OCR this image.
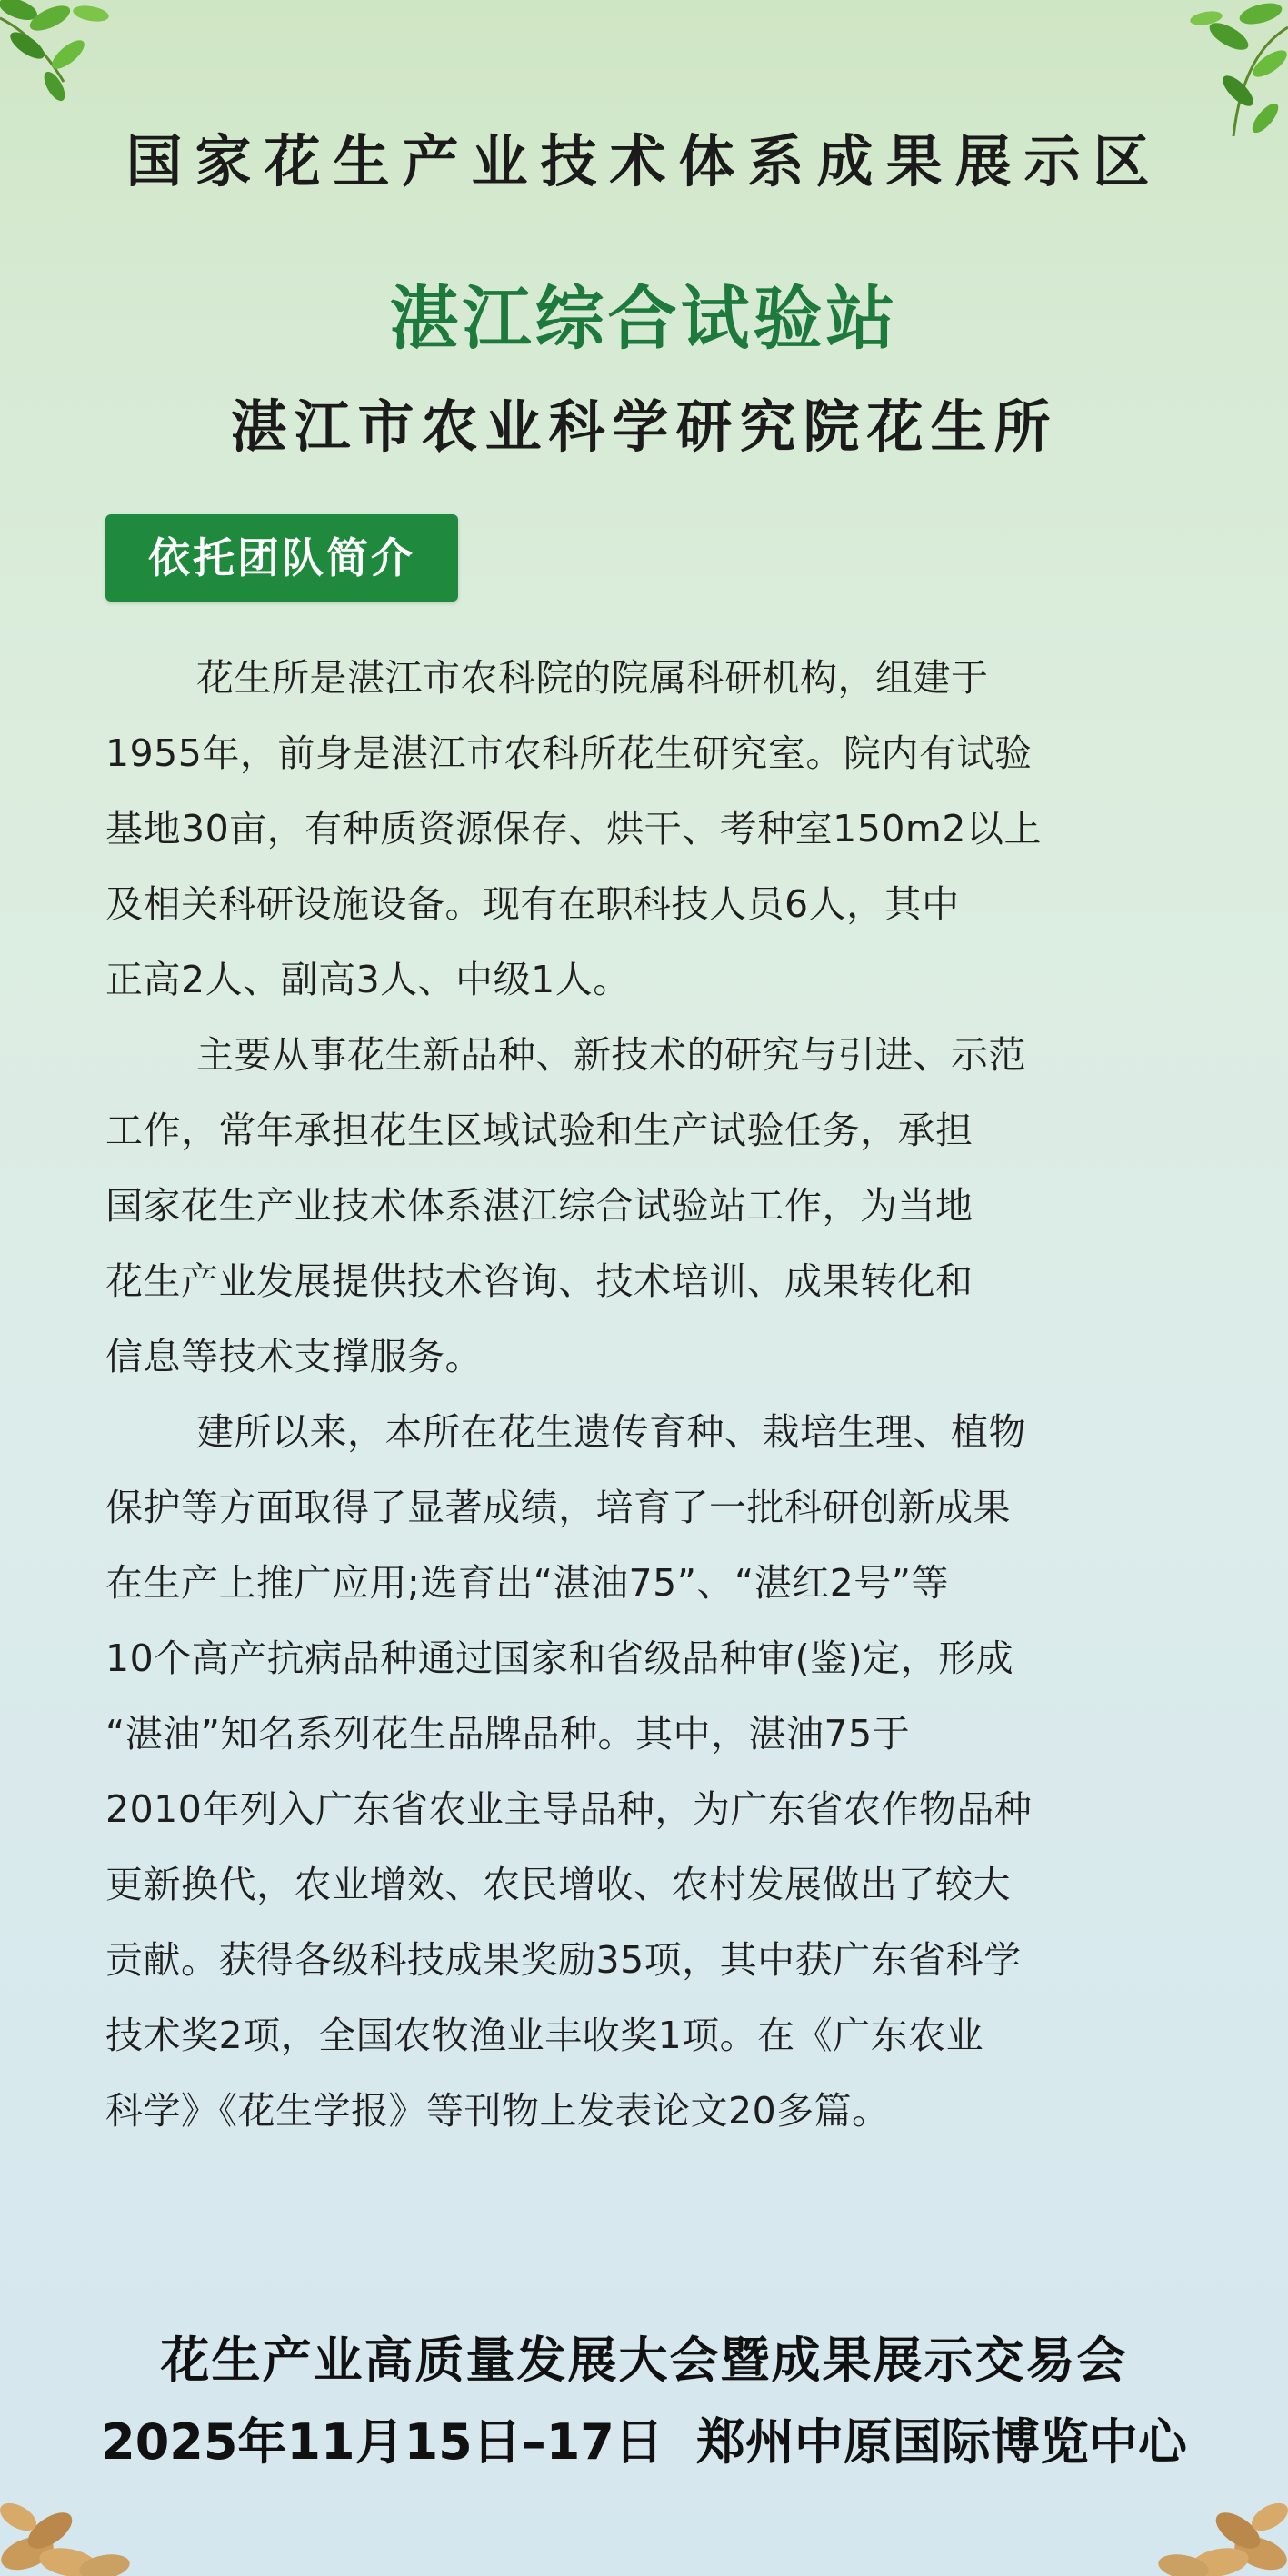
国家花生产业技术体系成果展示区
湛江综合试验站
湛江市农业科学研究院花生所
依托团队简介
花生所是湛江市农科院的院属科研机构，组建于
1955年，前身是湛江市农科所花生研究室。院内有试验
基地30亩，有种质资源保存、烘干、考种室150m2以上
及相关科研设施设备。现有在职科技人员6人，其中
正高2人、副高3人、中级1人。
主要从事花生新品种、新技术的研究与引进、示范
工作，常年承担花生区域试验和生产试验任务，承担
国家花生产业技术体系湛江综合试验站工作，为当地
花生产业发展提供技术咨询、技术培训、成果转化和
信息等技术支撑服务。
建所以来，本所在花生遗传育种、栽培生理、植物
保护等方面取得了显著成绩，培育了一批科研创新成果
在生产上推广应用;选育出“湛油75”、“湛红2号”等
10个高产抗病品种通过国家和省级品种审(鉴)定，形成
“湛油”知名系列花生品牌品种。其中，湛油75于
2010年列入广东省农业主导品种，为广东省农作物品种
更新换代，农业增效、农民增收、农村发展做出了较大
贡献。获得各级科技成果奖励35项，其中获广东省科学
技术奖2项，全国农牧渔业丰收奖1项。在《广东农业
科学》《花生学报》等刊物上发表论文20多篇。
花生产业高质量发展大会暨成果展示交易会
2025年11月15日–17日 郑州中原国际博览中心
